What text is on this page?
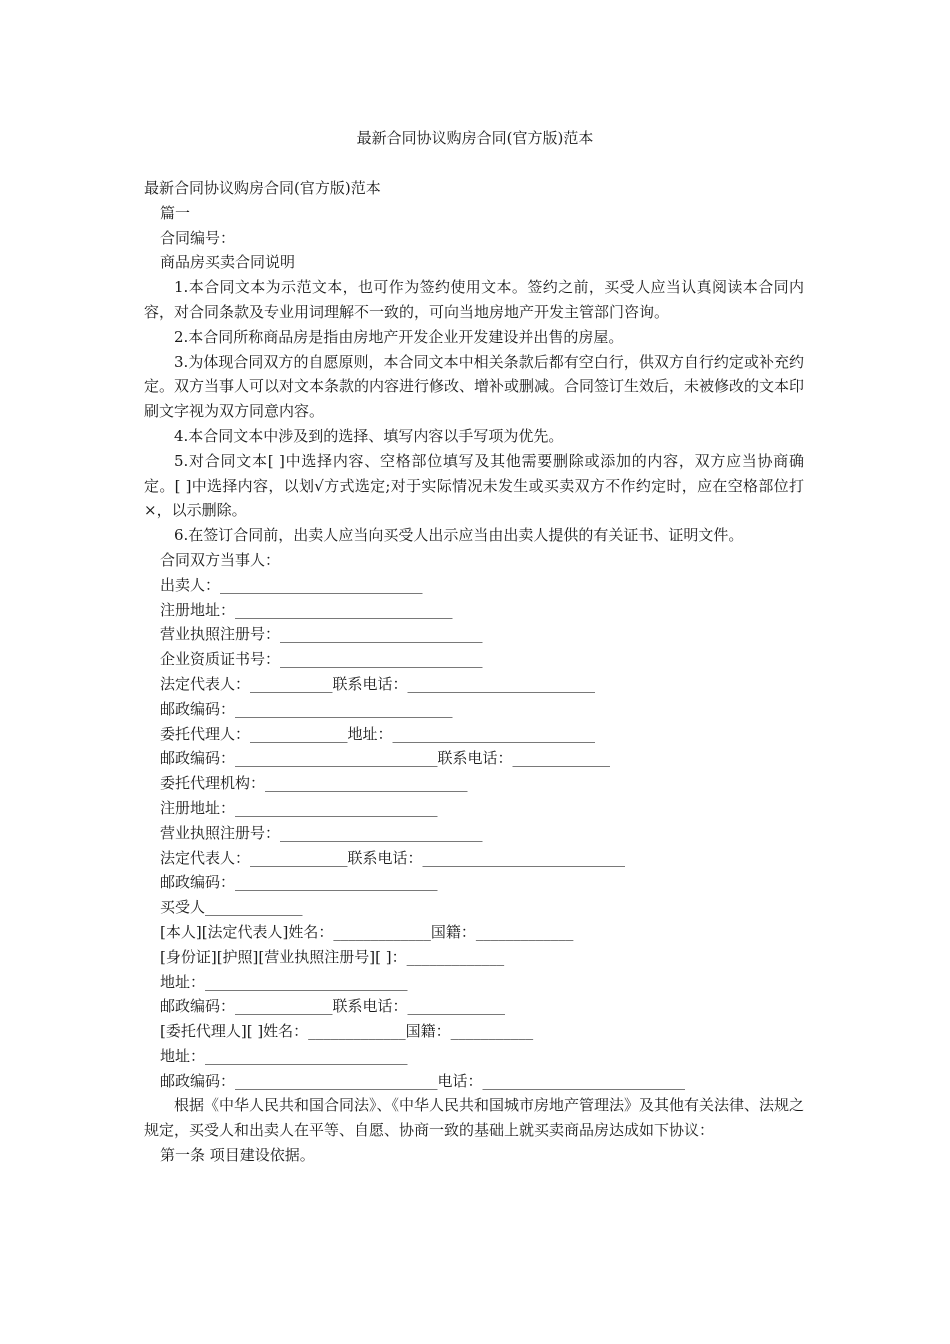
最新合同协议购房合同(官方版)范本
最新合同协议购房合同(官方版)范本
篇一
合同编号：
商品房买卖合同说明
1.本合同文本为示范文本，也可作为签约使用文本。签约之前，买受人应当认真阅读本合同内容，对合同条款及专业用词理解不一致的，可向当地房地产开发主管部门咨询。
2.本合同所称商品房是指由房地产开发企业开发建设并出售的房屋。
3.为体现合同双方的自愿原则，本合同文本中相关条款后都有空白行，供双方自行约定或补充约定。双方当事人可以对文本条款的内容进行修改、增补或删减。合同签订生效后，未被修改的文本印刷文字视为双方同意内容。
4.本合同文本中涉及到的选择、填写内容以手写项为优先。
5.对合同文本[ ]中选择内容、空格部位填写及其他需要删除或添加的内容，双方应当协商确定。[ ]中选择内容，以划√方式选定;对于实际情况未发生或买卖双方不作约定时，应在空格部位打×，以示删除。
6.在签订合同前，出卖人应当向买受人出示应当由出卖人提供的有关证书、证明文件。
合同双方当事人：
出卖人：___________________________
注册地址：_____________________________
营业执照注册号：___________________________
企业资质证书号：___________________________
法定代表人：___________联系电话：_________________________
邮政编码：_____________________________
委托代理人：_____________地址：___________________________
邮政编码：___________________________联系电话：_____________
委托代理机构：___________________________
注册地址：___________________________
营业执照注册号：___________________________
法定代表人：_____________联系电话：___________________________
邮政编码：___________________________
买受人_____________
[本人][法定代表人]姓名：_____________国籍：_____________
[身份证][护照][营业执照注册号][ ]：_____________
地址：___________________________
邮政编码：_____________联系电话：_____________
[委托代理人][ ]姓名：_____________国籍：___________
地址：___________________________
邮政编码：___________________________电话：___________________________
根据《中华人民共和国合同法》、《中华人民共和国城市房地产管理法》及其他有关法律、法规之规定，买受人和出卖人在平等、自愿、协商一致的基础上就买卖商品房达成如下协议：
第一条 项目建设依据。
